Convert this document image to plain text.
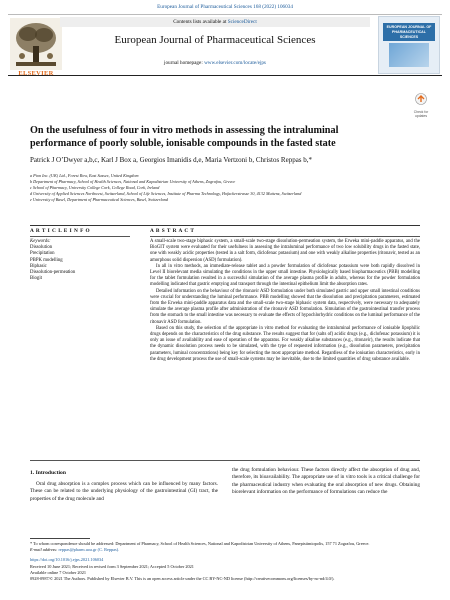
European Journal of Pharmaceutical Sciences 168 (2022) 106034
ELSEVIER
Contents lists available at ScienceDirect
European Journal of Pharmaceutical Sciences
journal homepage: www.elsevier.com/locate/ejps
EUROPEAN JOURNAL OF PHARMACEUTICAL SCIENCES
Check for updates
On the usefulness of four in vitro methods in assessing the intraluminal performance of poorly soluble, ionisable compounds in the fasted state
Patrick J O’Dwyer a,b,c, Karl J Box a, Georgios Imanidis d,e, Maria Vertzoni b, Christos Reppas b,*
a Pion Inc. (UK) Ltd., Forest Row, East Sussex, United Kingdom
b Department of Pharmacy, School of Health Sciences, National and Kapodistrian University of Athens, Zografou, Greece
c School of Pharmacy, University College Cork, College Road, Cork, Ireland
d University of Applied Sciences Northwest, Switzerland, School of Life Sciences, Institute of Pharma Technology, Hofackerstrasse 30, 4132 Muttenz, Switzerland
e University of Basel, Department of Pharmaceutical Sciences, Basel, Switzerland
A R T I C L E I N F O	A B S T R A C T
Keywords:
Dissolution
Precipitation
PBPK modelling
Biphasic
Dissolution-permeation
Biogit

A small-scale two-stage biphasic system, a small-scale two-stage dissolution-permeation system, the Erweka mini-paddle apparatus, and the BioGIT system were evaluated for their usefulness in assessing the intraluminal performance of two low solubility drugs in the fasted state, one with weakly acidic properties (tested in a salt form, diclofenac potassium) and one with weakly alkaline properties (ritonavir, tested as an amorphous solid dispersion (ASD) formulation).

In all in vitro methods, an immediate-release tablet and a powder formulation of diclofenac potassium were both rapidly dissolved in Level II biorelevant media simulating the conditions in the upper small intestine. Physiologically based biopharmaceutics (PBB) modelling for the tablet formulation resulted in a successful simulation of the average plasma profile in adults, whereas for the powder formulation modelling indicated that gastric emptying and transport through the intestinal epithelium limit the absorption rates.

Detailed information on the behaviour of the ritonavir ASD formulation under both simulated gastric and upper small intestinal conditions were crucial for understanding the luminal performance. PBB modelling showed that the dissolution and precipitation parameters, estimated from the Erweka mini-paddle apparatus data and the small-scale two-stage biphasic system data, respectively, were necessary to adequately simulate the average plasma profile after administration of the ritonavir ASD formulation. Simulation of the gastrointestinal transfer process from the stomach to the small intestine was necessary to evaluate the effects of hypochlorhydric conditions on the luminal performance of the ritonavir ASD formulation.

Based on this study, the selection of the appropriate in vitro method for evaluating the intraluminal performance of ionisable lipophilic drugs depends on the characteristics of the drug substance. The results suggest that for (salts of) acidic drugs (e.g., diclofenac potassium) it is only an issue of availability and ease of operation of the apparatus. For weakly alkaline substances (e.g., ritonavir), the results indicate that the dynamic dissolution process needs to be simulated, with the type of requested information (e.g., dissolution parameters, precipitation parameters, luminal concentrations) being key for selecting the most appropriate method. Regardless of the ionisation characteristics, early in the drug development process the use of small-scale systems may be inevitable, due to the limited quantities of drug substance available.

1. Introduction
Oral drug absorption is a complex process which can be influenced by many factors. These can be related to the underlying physiology of the gastrointestinal (GI) tract, the properties of the drug molecule and
the drug formulation behaviour. These factors directly affect the absorption of drug and, therefore, its bioavailability. The appropriate use of in vitro tools is a critical challenge for the pharmaceutical industry when evaluating the oral absorption of new drugs. Obtaining biorelevant information on the performance of formulations can reduce the
* To whom correspondence should be addressed: Department of Pharmacy, School of Health Sciences, National and Kapodistrian University of Athens, Panepistimiopolis, 157 71 Zografou, Greece.
E-mail address: reppas@pharm.uoa.gr (C. Reppas).
https://doi.org/10.1016/j.ejps.2021.106034
Received 10 June 2021; Received in revised form 3 September 2021; Accepted 5 October 2021
Available online 7 October 2021
0928-0987/© 2021 The Authors. Published by Elsevier B.V. This is an open access article under the CC BY-NC-ND license (http://creativecommons.org/licenses/by-nc-nd/4.0/).
